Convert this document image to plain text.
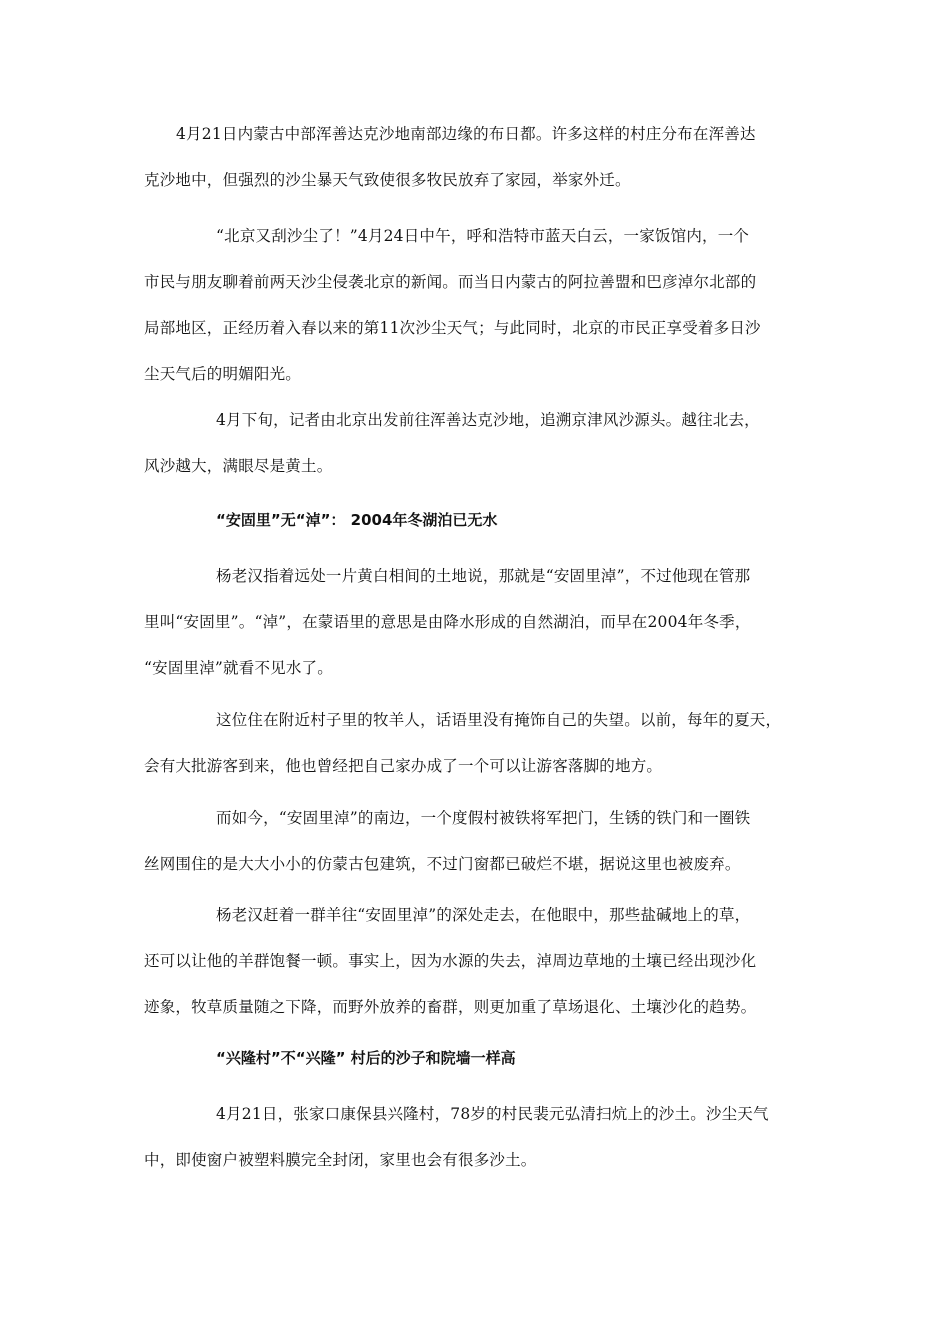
4月21日内蒙古中部浑善达克沙地南部边缘的布日都。许多这样的村庄分布在浑善达
克沙地中，但强烈的沙尘暴天气致使很多牧民放弃了家园，举家外迁。
“北京又刮沙尘了！”4月24日中午，呼和浩特市蓝天白云，一家饭馆内，一个
市民与朋友聊着前两天沙尘侵袭北京的新闻。而当日内蒙古的阿拉善盟和巴彦淖尔北部的
局部地区，正经历着入春以来的第11次沙尘天气；与此同时，北京的市民正享受着多日沙
尘天气后的明媚阳光。
4月下旬，记者由北京出发前往浑善达克沙地，追溯京津风沙源头。越往北去，
风沙越大，满眼尽是黄土。
“安固里”无“淖”： 2004年冬湖泊已无水
杨老汉指着远处一片黄白相间的土地说，那就是“安固里淖”，不过他现在管那
里叫“安固里”。“淖”，在蒙语里的意思是由降水形成的自然湖泊，而早在2004年冬季，
“安固里淖”就看不见水了。
这位住在附近村子里的牧羊人，话语里没有掩饰自己的失望。以前，每年的夏天，
会有大批游客到来，他也曾经把自己家办成了一个可以让游客落脚的地方。
而如今，“安固里淖”的南边，一个度假村被铁将军把门，生锈的铁门和一圈铁
丝网围住的是大大小小的仿蒙古包建筑，不过门窗都已破烂不堪，据说这里也被废弃。
杨老汉赶着一群羊往“安固里淖”的深处走去，在他眼中，那些盐碱地上的草，
还可以让他的羊群饱餐一顿。事实上，因为水源的失去，淖周边草地的土壤已经出现沙化
迹象，牧草质量随之下降，而野外放养的畜群，则更加重了草场退化、土壤沙化的趋势。
“兴隆村”不“兴隆” 村后的沙子和院墙一样高
4月21日，张家口康保县兴隆村，78岁的村民裴元弘清扫炕上的沙土。沙尘天气
中，即使窗户被塑料膜完全封闭，家里也会有很多沙土。
